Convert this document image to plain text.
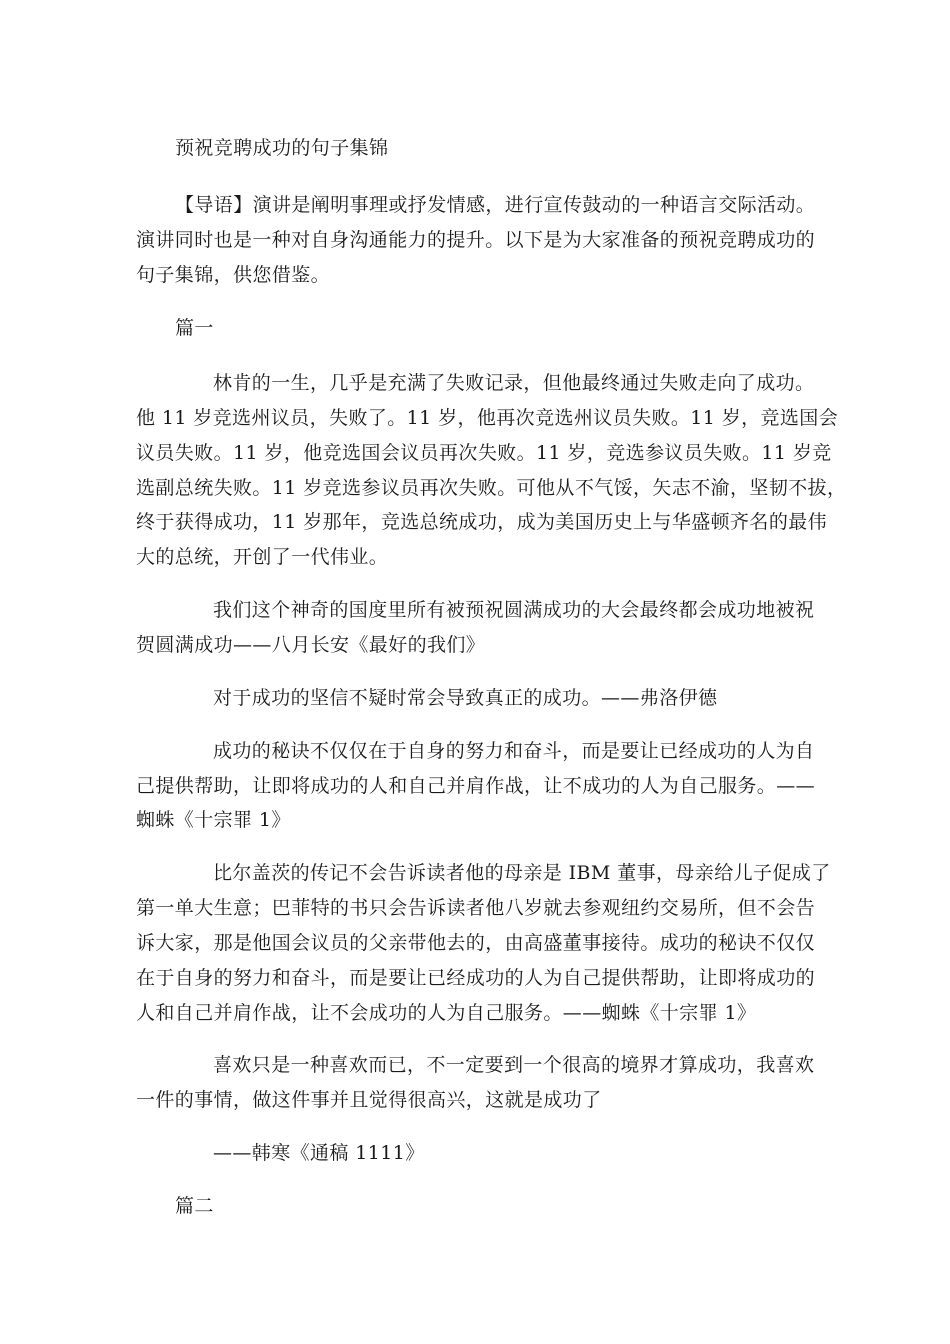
预祝竞聘成功的句子集锦
【导语】演讲是阐明事理或抒发情感，进行宣传鼓动的一种语言交际活动。
演讲同时也是一种对自身沟通能力的提升。以下是为大家准备的预祝竞聘成功的
句子集锦，供您借鉴。
篇一
林肯的一生，几乎是充满了失败记录，但他最终通过失败走向了成功。
他 11 岁竞选州议员，失败了。11 岁，他再次竞选州议员失败。11 岁，竞选国会
议员失败。11 岁，他竞选国会议员再次失败。11 岁，竞选参议员失败。11 岁竞
选副总统失败。11 岁竞选参议员再次失败。可他从不气馁，矢志不渝，坚韧不拔，
终于获得成功，11 岁那年，竞选总统成功，成为美国历史上与华盛顿齐名的最伟
大的总统，开创了一代伟业。
我们这个神奇的国度里所有被预祝圆满成功的大会最终都会成功地被祝
贺圆满成功——八月长安《最好的我们》
对于成功的坚信不疑时常会导致真正的成功。——弗洛伊德
成功的秘诀不仅仅在于自身的努力和奋斗，而是要让已经成功的人为自
己提供帮助，让即将成功的人和自己并肩作战，让不成功的人为自己服务。——
蜘蛛《十宗罪 1》
比尔盖茨的传记不会告诉读者他的母亲是 IBM 董事，母亲给儿子促成了
第一单大生意；巴菲特的书只会告诉读者他八岁就去参观纽约交易所，但不会告
诉大家，那是他国会议员的父亲带他去的，由高盛董事接待。成功的秘诀不仅仅
在于自身的努力和奋斗，而是要让已经成功的人为自己提供帮助，让即将成功的
人和自己并肩作战，让不会成功的人为自己服务。——蜘蛛《十宗罪 1》
喜欢只是一种喜欢而已，不一定要到一个很高的境界才算成功，我喜欢
一件的事情，做这件事并且觉得很高兴，这就是成功了
——韩寒《通稿 1111》
篇二
